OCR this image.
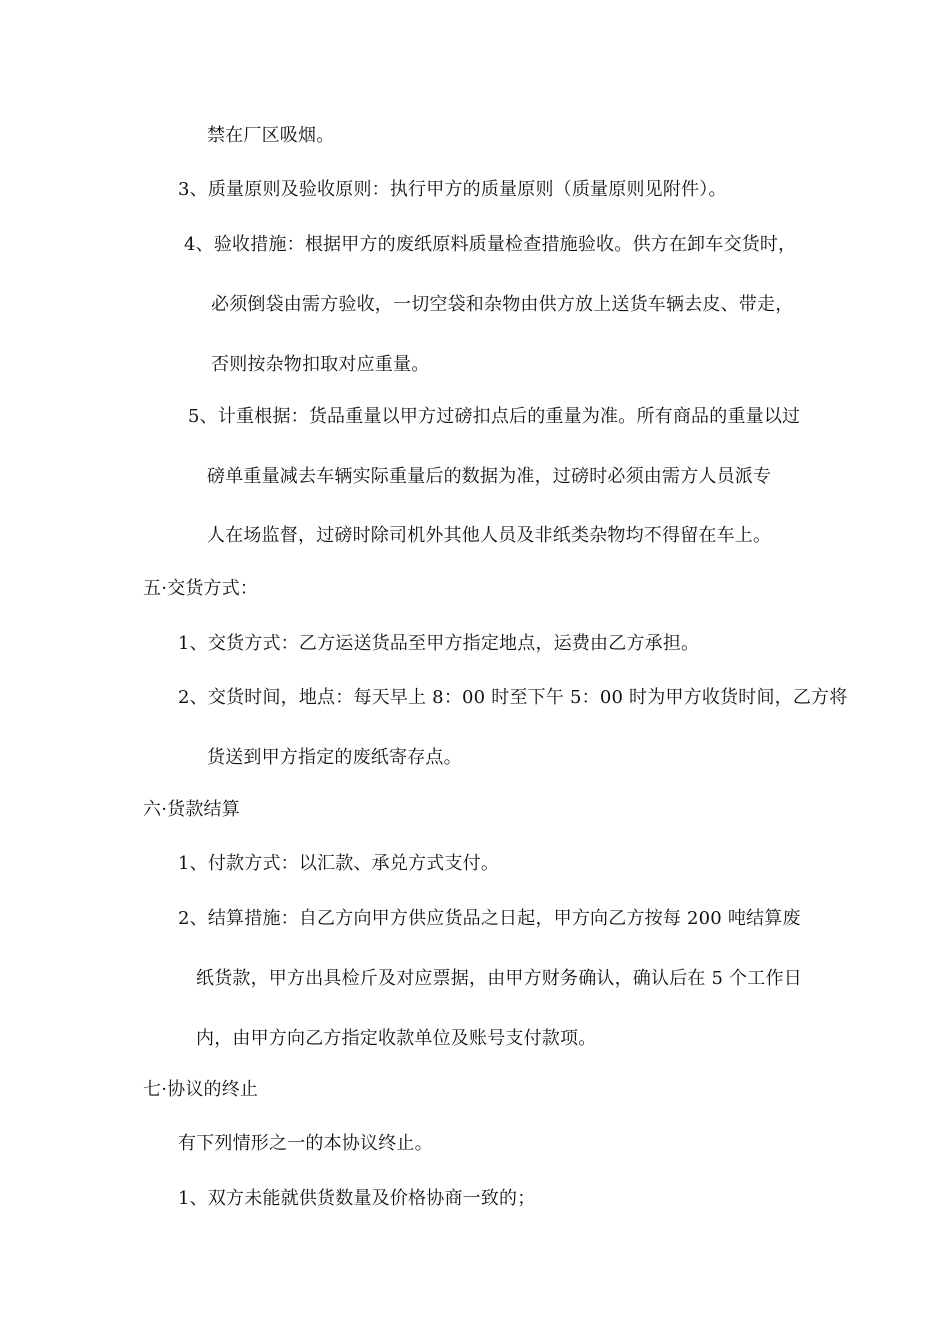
禁在厂区吸烟。
3、质量原则及验收原则：执行甲方的质量原则（质量原则见附件）。
4、验收措施：根据甲方的废纸原料质量检查措施验收。供方在卸车交货时，
必须倒袋由需方验收，一切空袋和杂物由供方放上送货车辆去皮、带走，
否则按杂物扣取对应重量。
5、计重根据：货品重量以甲方过磅扣点后的重量为准。所有商品的重量以过
磅单重量减去车辆实际重量后的数据为准，过磅时必须由需方人员派专
人在场监督，过磅时除司机外其他人员及非纸类杂物均不得留在车上。
五·交货方式：
1、交货方式：乙方运送货品至甲方指定地点，运费由乙方承担。
2、交货时间，地点：每天早上 8：00 时至下午 5：00 时为甲方收货时间，乙方将
货送到甲方指定的废纸寄存点。
六·货款结算
1、付款方式：以汇款、承兑方式支付。
2、结算措施：自乙方向甲方供应货品之日起，甲方向乙方按每 200 吨结算废
纸货款，甲方出具检斤及对应票据，由甲方财务确认，确认后在 5 个工作日
内，由甲方向乙方指定收款单位及账号支付款项。
七·协议的终止
有下列情形之一的本协议终止。
1、双方未能就供货数量及价格协商一致的；
